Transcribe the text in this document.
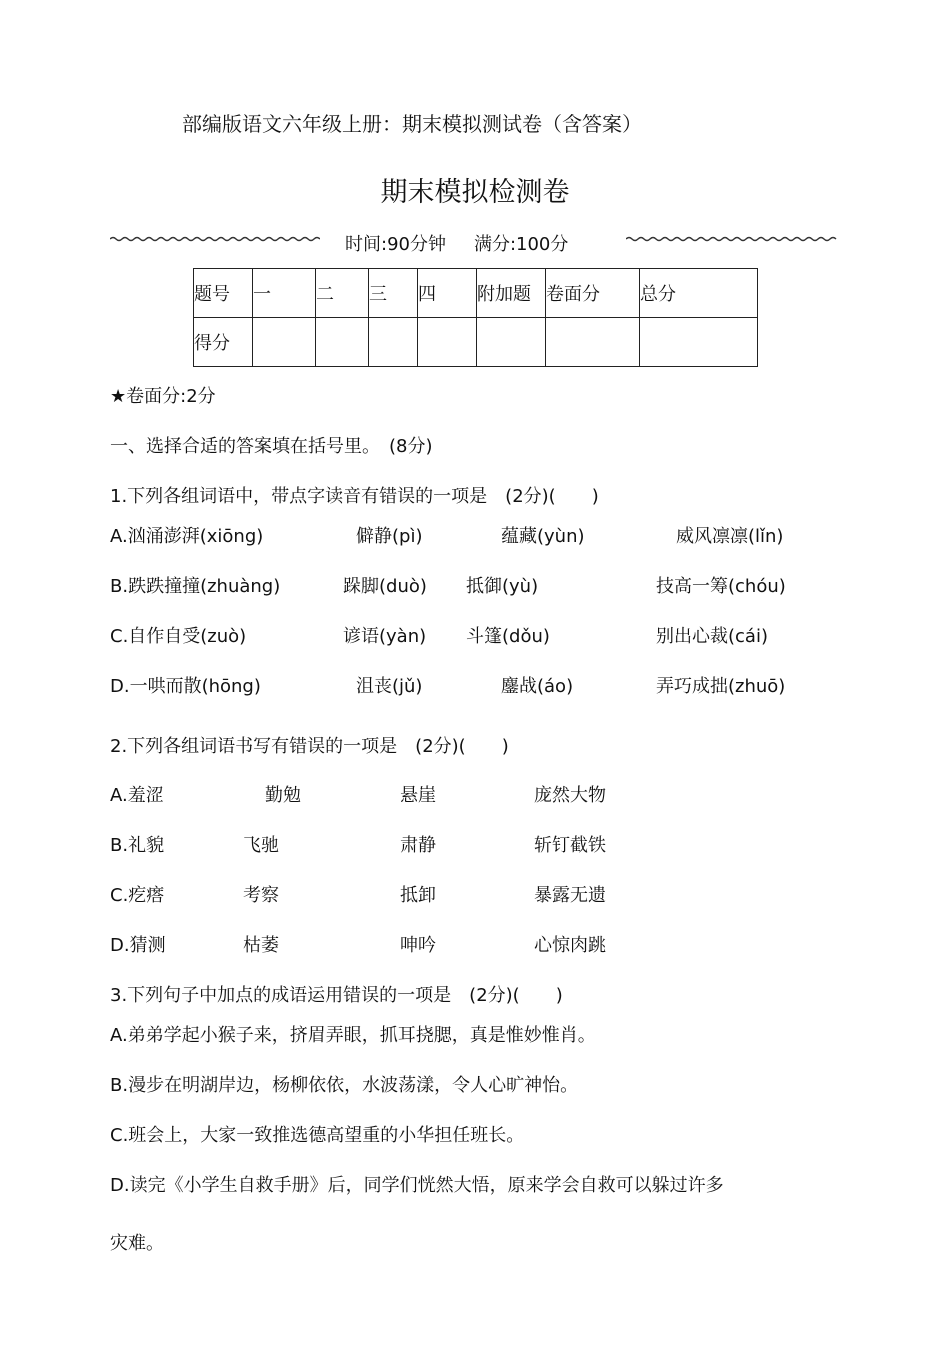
部编版语文六年级上册：期末模拟测试卷（含答案）
期末模拟检测卷
时间:90分钟 满分:100分
题号	一	二	三	四	附加题	卷面分	总分
得分							
★卷面分:2分
一、选择合适的答案填在括号里。　(8分)
1.下列各组词语中，带点字读音有错误的一项是　(2分)(　　)
A.汹涌澎湃(xiōng)	僻静(pì)	蕴藏(yùn)	威风凛凛(lǐn)
B.跌跌撞撞(zhuàng)	跺脚(duò) 抵御(yù)	技高一筹(chóu)
C.自作自受(zuò)	谚语(yàn) 斗篷(dǒu)	别出心裁(cái)
D.一哄而散(hōng)	沮丧(jǔ)	鏖战(áo)	弄巧成拙(zhuō)
2.下列各组词语书写有错误的一项是　(2分)(　　)
A.羞涩	勤勉	悬崖	庞然大物
B.礼貌	飞驰	肃静	斩钉截铁
C.疙瘩	考察	抵卸	暴露无遗
D.猜测	枯萎	呻吟	心惊肉跳
3.下列句子中加点的成语运用错误的一项是　(2分)(　　)
A.弟弟学起小猴子来，挤眉弄眼，抓耳挠腮，真是惟妙惟肖。
B.漫步在明湖岸边，杨柳依依，水波荡漾，令人心旷神怡。
C.班会上，大家一致推选德高望重的小华担任班长。
D.读完《小学生自救手册》后，同学们恍然大悟，原来学会自救可以躲过许多
灾难。
